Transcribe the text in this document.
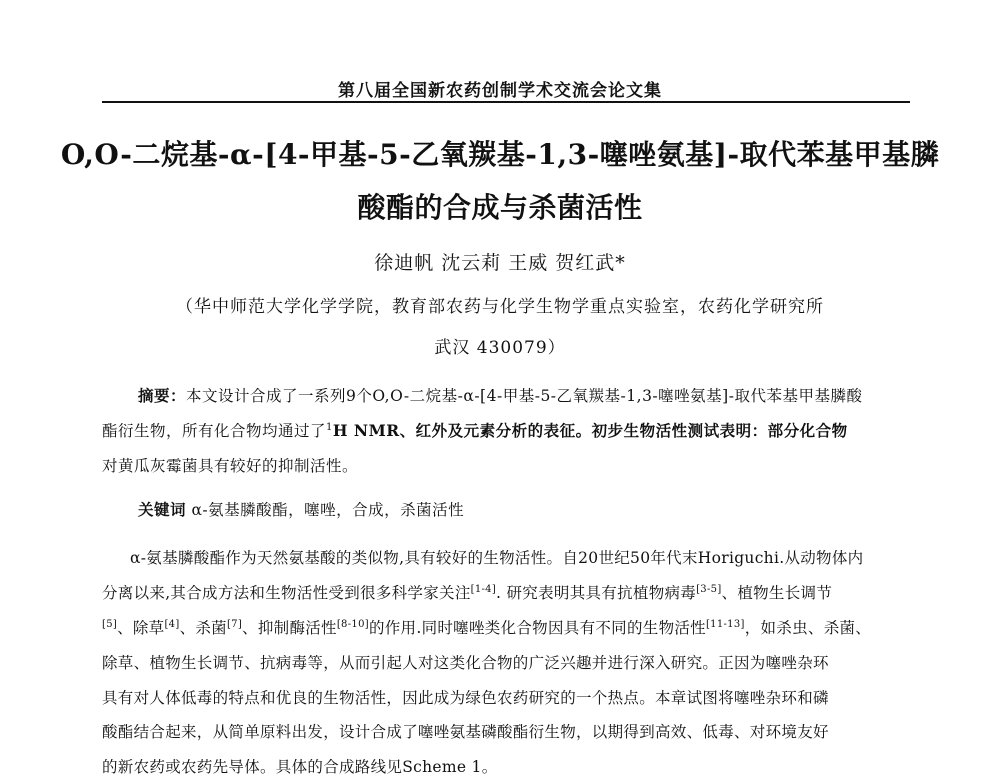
第八届全国新农药创制学术交流会论文集
O,O-二烷基-α-[4-甲基-5-乙氧羰基-1,3-噻唑氨基]-取代苯基甲基膦
酸酯的合成与杀菌活性
徐迪帆 沈云莉 王威 贺红武*
（华中师范大学化学学院，教育部农药与化学生物学重点实验室，农药化学研究所
武汉 430079）
摘要：本文设计合成了一系列9个O,O-二烷基-α-[4-甲基-5-乙氧羰基-1,3-噻唑氨基]-取代苯基甲基膦酸
酯衍生物，所有化合物均通过了$^1$H NMR、红外及元素分析的表征。初步生物活性测试表明：部分化合物
对黄瓜灰霉菌具有较好的抑制活性。
关键词 α-氨基膦酸酯，噻唑，合成，杀菌活性
α-氨基膦酸酯作为天然氨基酸的类似物,具有较好的生物活性。自20世纪50年代末Horiguchi.从动物体内
分离以来,其合成方法和生物活性受到很多科学家关注[1-4]. 研究表明其具有抗植物病毒[3-5]、植物生长调节
[5]、除草[4]、杀菌[7]、抑制酶活性[8-10]的作用.同时噻唑类化合物因具有不同的生物活性[11-13]，如杀虫、杀菌、
除草、植物生长调节、抗病毒等，从而引起人对这类化合物的广泛兴趣并进行深入研究。正因为噻唑杂环
具有对人体低毒的特点和优良的生物活性，因此成为绿色农药研究的一个热点。本章试图将噻唑杂环和磷
酸酯结合起来，从简单原料出发，设计合成了噻唑氨基磷酸酯衍生物，以期得到高效、低毒、对环境友好
的新农药或农药先导体。具体的合成路线见Scheme 1。
